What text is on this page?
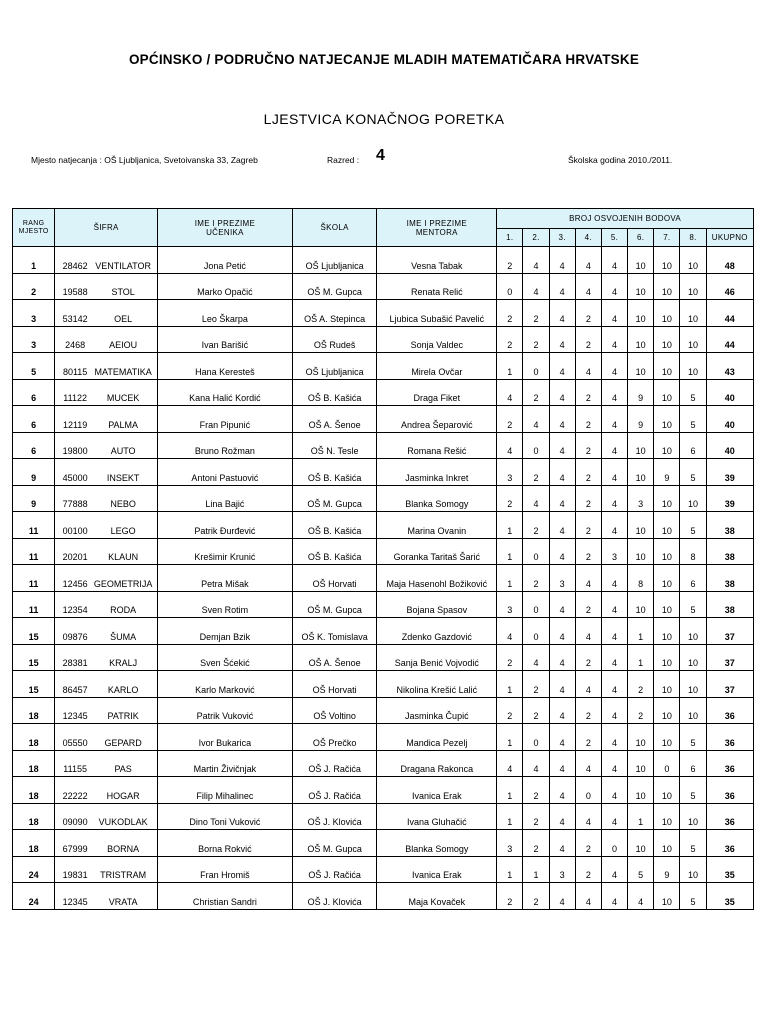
OPĆINSKO / PODRUČNO NATJECANJE MLADIH MATEMATIČARA HRVATSKE
LJESTVICA KONAČNOG PORETKA
Mjesto natjecanja : OŠ Ljubljanica, Svetoivanska 33, Zagreb	Razred : 4	Školska godina 2010./2011.
RANG MJESTO	ŠIFRA	IME I PREZIME UČENIKA	ŠKOLA	IME I PREZIME MENTORA	BROJ OSVOJENIH BODOVA								
					1.	2.	3.	4.	5.	6.	7.	8.	UKUPNO
1	28462 VENTILATOR	Jona Petić	OŠ Ljubljanica	Vesna Tabak	2	4	4	4	4	10	10	10	48
2	19588 STOL	Marko Opačić	OŠ M. Gupca	Renata Relić	0	4	4	4	4	10	10	10	46
3	53142 OEL	Leo Škarpa	OŠ A. Stepinca	Ljubica Subašić Pavelić	2	2	4	2	4	10	10	10	44
3	2468 AEIOU	Ivan Barišić	OŠ Rudeš	Sonja Valdec	2	2	4	2	4	10	10	10	44
5	80115 MATEMATIKA	Hana Keresteš	OŠ Ljubljanica	Mirela Ovčar	1	0	4	4	4	10	10	10	43
6	11122 MUCEK	Kana Halić Kordić	OŠ B. Kašića	Draga Fiket	4	2	4	2	4	9	10	5	40
6	12119 PALMA	Fran Pipunić	OŠ A. Šenoe	Andrea Šeparović	2	4	4	2	4	9	10	5	40
6	19800 AUTO	Bruno Rožman	OŠ N. Tesle	Romana Rešić	4	0	4	2	4	10	10	6	40
9	45000 INSEKT	Antoni Pastuović	OŠ B. Kašića	Jasminka Inkret	3	2	4	2	4	10	9	5	39
9	77888 NEBO	Lina Bajić	OŠ M. Gupca	Blanka Somogy	2	4	4	2	4	3	10	10	39
11	00100 LEGO	Patrik Đurđević	OŠ B. Kašića	Marina Ovanin	1	2	4	2	4	10	10	5	38
11	20201 KLAUN	Krešimir Krunić	OŠ B. Kašića	Goranka Taritaš Šarić	1	0	4	2	3	10	10	8	38
11	12456 GEOMETRIJA	Petra Mišak	OŠ Horvati	Maja Hasenohl Božiković	1	2	3	4	4	8	10	6	38
11	12354 RODA	Sven Rotim	OŠ M. Gupca	Bojana Spasov	3	0	4	2	4	10	10	5	38
15	09876 ŠUMA	Demjan Bzik	OŠ K. Tomislava	Zdenko Gazdović	4	0	4	4	4	1	10	10	37
15	28381 KRALJ	Sven Šćekić	OŠ A. Šenoe	Sanja Benić Vojvodić	2	4	4	2	4	1	10	10	37
15	86457 KARLO	Karlo Marković	OŠ Horvati	Nikolina Krešić Lalić	1	2	4	4	4	2	10	10	37
18	12345 PATRIK	Patrik Vuković	OŠ Voltino	Jasminka Čupić	2	2	4	2	4	2	10	10	36
18	05550 GEPARD	Ivor Bukarica	OŠ Prečko	Mandica Pezelj	1	0	4	2	4	10	10	5	36
18	11155 PAS	Martin Živičnjak	OŠ J. Račića	Dragana Rakonca	4	4	4	4	4	10	0	6	36
18	22222 HOGAR	Filip Mihalinec	OŠ J. Račića	Ivanica Erak	1	2	4	0	4	10	10	5	36
18	09090 VUKODLAK	Dino Toni Vuković	OŠ J. Klovića	Ivana Gluhačić	1	2	4	4	4	1	10	10	36
18	67999 BORNA	Borna Rokvić	OŠ M. Gupca	Blanka Somogy	3	2	4	2	0	10	10	5	36
24	19831 TRISTRAM	Fran Hromiš	OŠ J. Račića	Ivanica Erak	1	1	3	2	4	5	9	10	35
24	12345 VRATA	Christian Sandri	OŠ J. Klovića	Maja Kovaček	2	2	4	4	4	4	10	5	35
